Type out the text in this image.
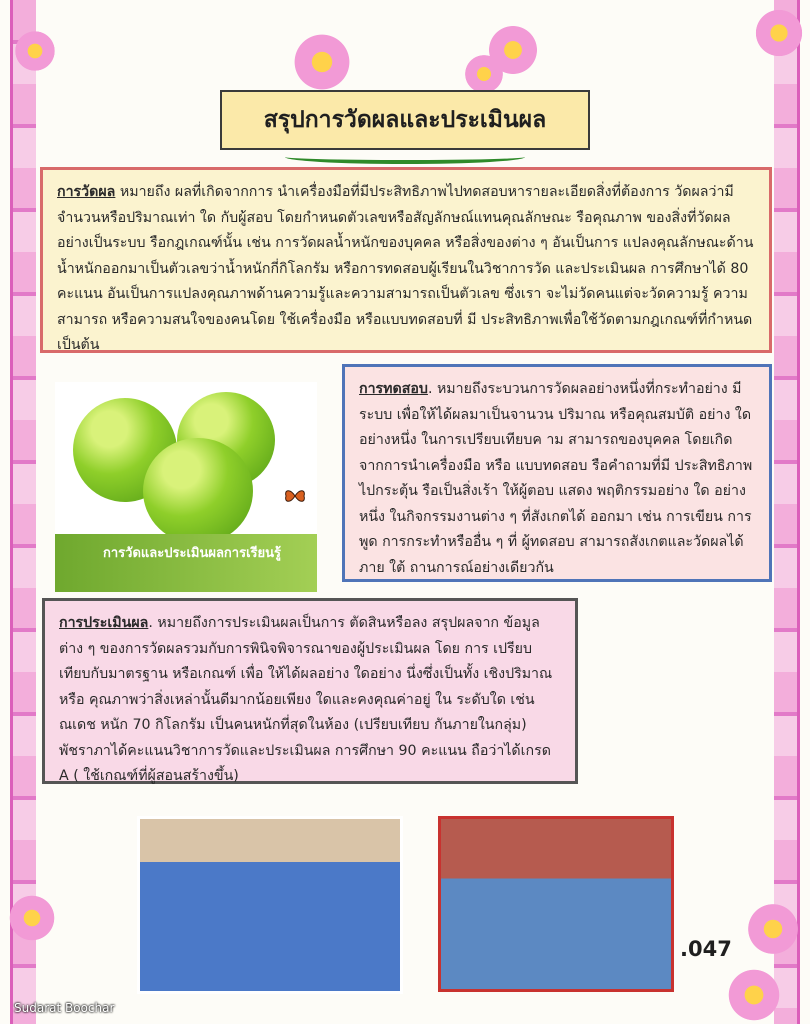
สรุปการวัดผลและประเมินผล
การวัดผล หมายถึง ผลที่เกิดจากการ นำเครื่องมือที่มีประสิทธิภาพไปทดสอบหารายละเอียดสิ่งที่ต้องการ วัดผลว่ามีจำนวนหรือปริมาณเท่า ใด กับผู้สอบ โดยกำหนดตัวเลขหรือสัญลักษณ์แทนคุณลักษณะ รือคุณภาพ ของสิ่งที่วัดผลอย่างเป็นระบบ รือกฎเกณฑ์นั้น เช่น การวัดผลน้ำหนักของบุคคล หรือสิ่งของต่าง ๆ อันเป็นการ แปลงคุณลักษณะด้าน น้ำหนักออกมาเป็นตัวเลขว่าน้ำหนักกี่กิโลกรัม หรือการทดสอบผู้เรียนในวิชาการวัด และประเมินผล การศึกษาได้ 80 คะแนน อันเป็นการแปลงคุณภาพด้านความรู้และความสามารถเป็นตัวเลข ซึ่งเรา จะไม่วัดคนแต่จะวัดความรู้ ความสามารถ หรือความสนใจของคนโดย ใช้เครื่องมือ หรือแบบทดสอบที่ มี ประสิทธิภาพเพื่อใช้วัดตามกฎเกณฑ์ที่กำหนดเป็นต้น
การวัดและประเมินผลการเรียนรู้
การทดสอบ. หมายถึงระบวนการวัดผลอย่างหนึ่งที่กระทำอย่าง มีระบบ เพื่อให้ได้ผลมาเป็นจานวน ปริมาณ หรือคุณสมบัติ อย่าง ใดอย่างหนึ่ง ในการเปรียบเทียบค าม สามารถของบุคคล โดยเกิดจากการนำเครื่องมือ หรือ แบบทดสอบ รือคำถามที่มี ประสิทธิภาพ ไปกระตุ้น รือเป็นสิ่งเร้า ให้ผู้ตอบ แสดง พฤติกรรมอย่าง ใด อย่างหนึ่ง ในกิจกรรมงานต่าง ๆ ที่สังเกตได้ ออกมา เช่น การเขียน การพูด การกระทำหรืออื่น ๆ ที่ ผู้ทดสอบ สามารถสังเกตและวัดผลได้ภาย ใต้ ถานการณ์อย่างเดียวกัน
การประเมินผล. หมายถึงการประเมินผลเป็นการ ตัดสินหรือลง สรุปผลจาก ข้อมูลต่าง ๆ ของการวัดผลรวมกับการพินิจพิจารณาของผู้ประเมินผล โดย การ เปรียบเทียบกับมาตรฐาน หรือเกณฑ์ เพื่อ ให้ได้ผลอย่าง ใดอย่าง นึ่งซึ่งเป็นทั้ง เชิงปริมาณหรือ คุณภาพว่าสิ่งเหล่านั้นดีมากน้อยเพียง ใดและคงคุณค่าอยู่ ใน ระดับใด เช่น ณเดช หนัก 70 กิโลกรัม เป็นคนหนักที่สุดในห้อง (เปรียบเทียบ กันภายในกลุ่ม) พัชราภาได้คะแนนวิชาการวัดและประเมินผล การศึกษา 90 คะแนน ถือว่าได้เกรด A ( ใช้เกณฑ์ที่ผู้สอนสร้างขึ้น)
.047
Sudarat Boochar
